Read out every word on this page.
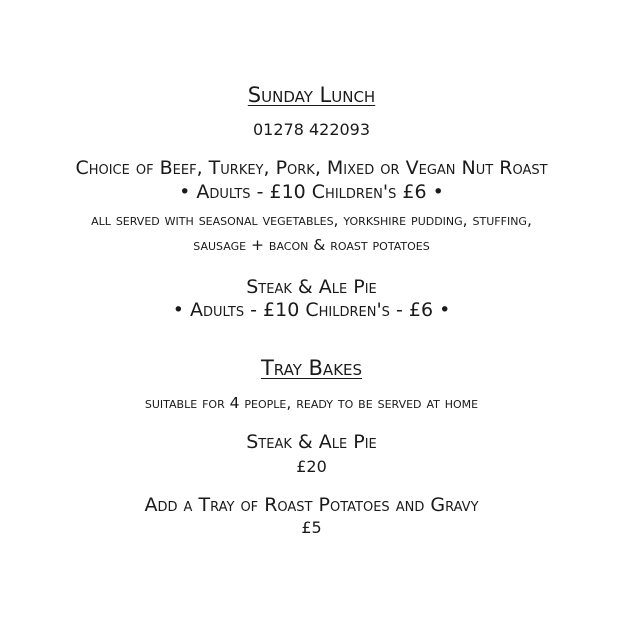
Sunday Lunch
01278 422093
Choice of Beef, Turkey, Pork, Mixed or Vegan Nut Roast
• Adults - £10 Children's £6 •
all served with seasonal vegetables, yorkshire pudding, stuffing,
sausage + bacon & roast potatoes
Steak & Ale Pie
• Adults - £10 Children's - £6 •
Tray Bakes
suitable for 4 people, ready to be served at home
Steak & Ale Pie
£20
Add a Tray of Roast Potatoes and Gravy
£5
